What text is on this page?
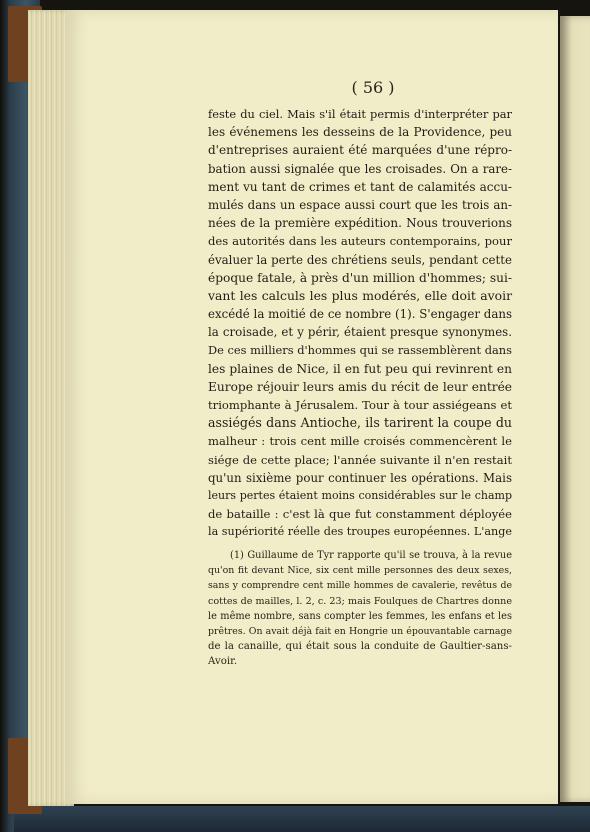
( 56 )
feste du ciel. Mais s'il était permis d'interpréter par
les événemens les desseins de la Providence, peu
d'entreprises auraient été marquées d'une répro-
bation aussi signalée que les croisades. On a rare-
ment vu tant de crimes et tant de calamités accu-
mulés dans un espace aussi court que les trois an-
nées de la première expédition. Nous trouverions
des autorités dans les auteurs contemporains, pour
évaluer la perte des chrétiens seuls, pendant cette
époque fatale, à près d'un million d'hommes; sui-
vant les calculs les plus modérés, elle doit avoir
excédé la moitié de ce nombre (1). S'engager dans
la croisade, et y périr, étaient presque synonymes.
De ces milliers d'hommes qui se rassemblèrent dans
les plaines de Nice, il en fut peu qui revinrent en
Europe réjouir leurs amis du récit de leur entrée
triomphante à Jérusalem. Tour à tour assiégeans et
assiégés dans Antioche, ils tarirent la coupe du
malheur : trois cent mille croisés commencèrent le
siége de cette place; l'année suivante il n'en restait
qu'un sixième pour continuer les opérations. Mais
leurs pertes étaient moins considérables sur le champ
de bataille : c'est là que fut constamment déployée
la supériorité réelle des troupes européennes. L'ange
(1) Guillaume de Tyr rapporte qu'il se trouva, à la revue
qu'on fit devant Nice, six cent mille personnes des deux sexes,
sans y comprendre cent mille hommes de cavalerie, revêtus de
cottes de mailles, l. 2, c. 23; mais Foulques de Chartres donne
le même nombre, sans compter les femmes, les enfans et les
prêtres. On avait déjà fait en Hongrie un épouvantable carnage
de la canaille, qui était sous la conduite de Gaultier-sans-
Avoir.
